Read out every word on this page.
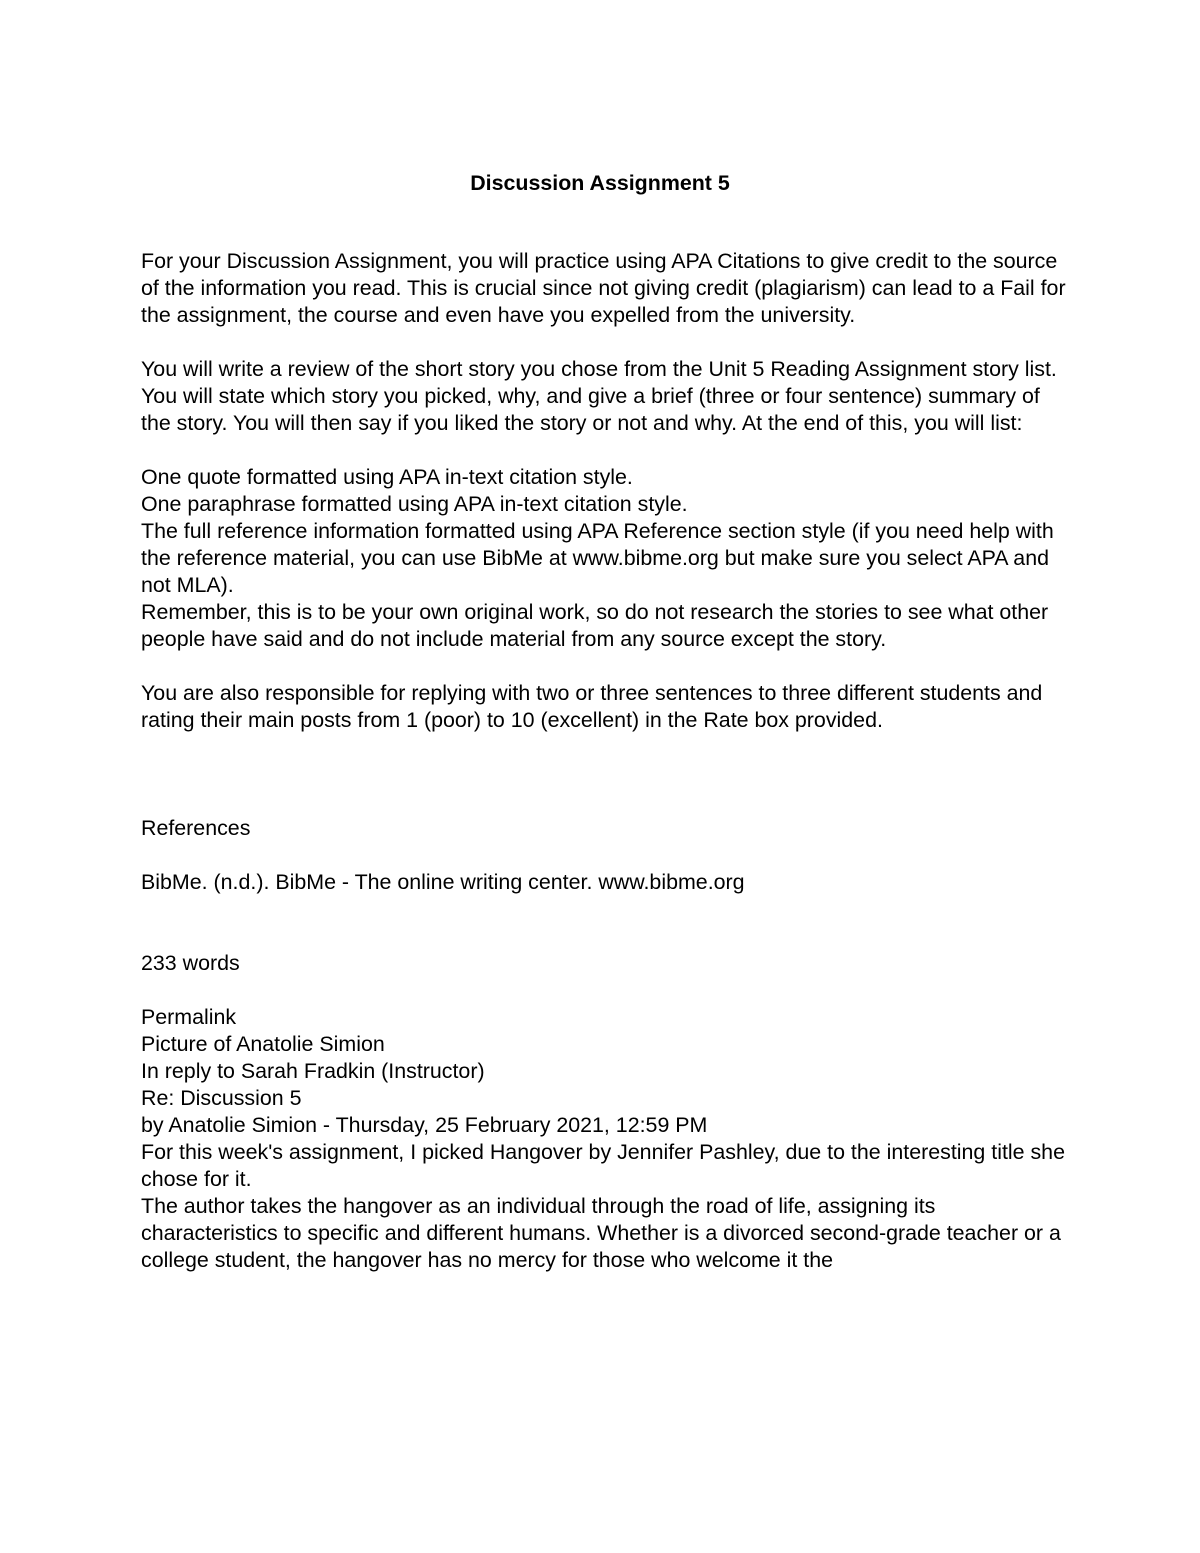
Discussion Assignment 5

For your Discussion Assignment, you will practice using APA Citations to give credit to the source of the information you read. This is crucial since not giving credit (plagiarism) can lead to a Fail for the assignment, the course and even have you expelled from the university.

You will write a review of the short story you chose from the Unit 5 Reading Assignment story list. You will state which story you picked, why, and give a brief (three or four sentence) summary of the story. You will then say if you liked the story or not and why. At the end of this, you will list:

One quote formatted using APA in-text citation style.

One paraphrase formatted using APA in-text citation style.

The full reference information formatted using APA Reference section style (if you need help with the reference material, you can use BibMe at www.bibme.org but make sure you select APA and not MLA).

Remember, this is to be your own original work, so do not research the stories to see what other people have said and do not include material from any source except the story.

You are also responsible for replying with two or three sentences to three different students and rating their main posts from 1 (poor) to 10 (excellent) in the Rate box provided.

References

BibMe. (n.d.). BibMe - The online writing center. www.bibme.org

233 words

Permalink

Picture of Anatolie Simion

In reply to Sarah Fradkin (Instructor)

Re: Discussion 5

by Anatolie Simion - Thursday, 25 February 2021, 12:59 PM

For this week's assignment, I picked Hangover by Jennifer Pashley, due to the interesting title she chose for it.

The author takes the hangover as an individual through the road of life, assigning its characteristics to specific and different humans. Whether is a divorced second-grade teacher or a college student, the hangover has no mercy for those who welcome it the
